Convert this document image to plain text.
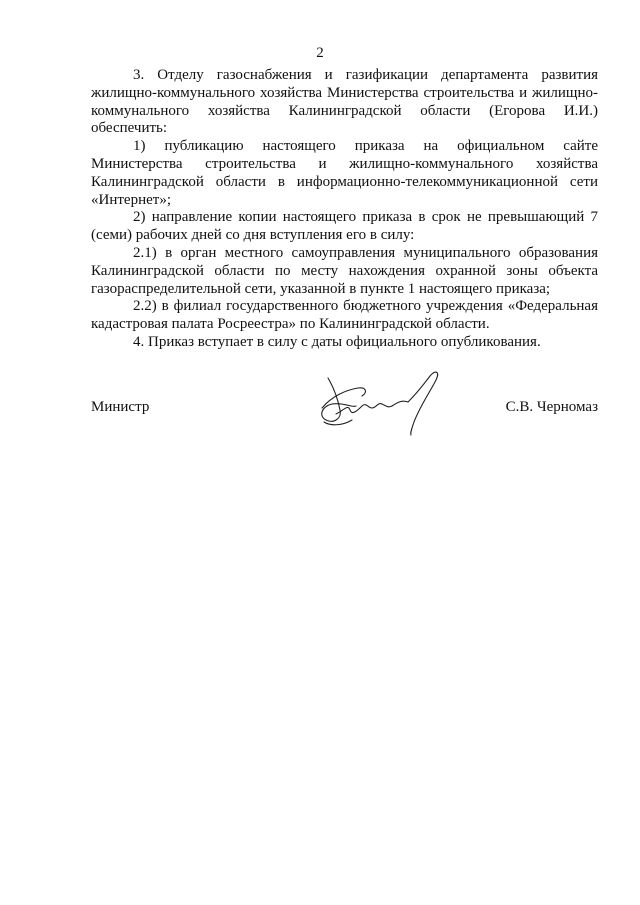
2

3. Отделу газоснабжения и газификации департамента развития жилищно-коммунального хозяйства Министерства строительства и жилищно-коммунального хозяйства Калининградской области (Егорова И.И.) обеспечить:

1) публикацию настоящего приказа на официальном сайте Министерства строительства и жилищно-коммунального хозяйства Калининградской области в информационно-телекоммуникационной сети «Интернет»;

2) направление копии настоящего приказа в срок не превышающий 7 (семи) рабочих дней со дня вступления его в силу:

2.1) в орган местного самоуправления муниципального образования Калининградской области по месту нахождения охранной зоны объекта газораспределительной сети, указанной в пункте 1 настоящего приказа;

2.2) в филиал государственного бюджетного учреждения «Федеральная кадастровая палата Росреестра» по Калининградской области.

4. Приказ вступает в силу с даты официального опубликования.

Министр	С.В. Черномаз
